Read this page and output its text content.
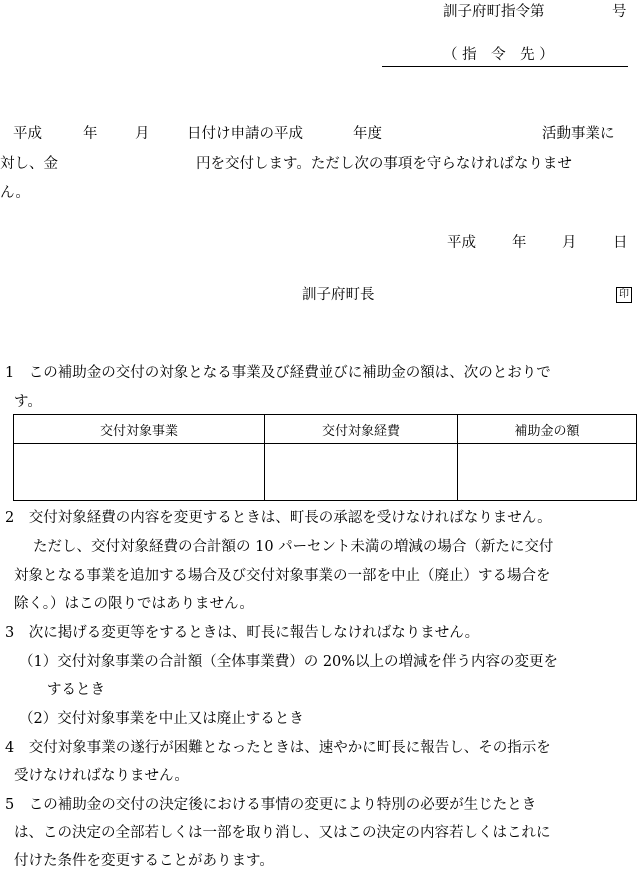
訓子府町指令第	号
（ 指　令　先 ）
平成	年	月	日付け申請の平成	年度	活動事業に
対し、金	円を交付します。ただし次の事項を守らなければなりませ
ん。
平成 年 月	日
訓子府町長	印
1　この補助金の交付の対象となる事業及び経費並びに補助金の額は、次のとおりで
す。
交付対象事業	交付対象経費	補助金の額

2　交付対象経費の内容を変更するときは、町長の承認を受けなければなりません。
ただし、交付対象経費の合計額の 10 パーセント未満の増減の場合（新たに交付
対象となる事業を追加する場合及び交付対象事業の一部を中止（廃止）する場合を
除く。）はこの限りではありません。
3　次に掲げる変更等をするときは、町長に報告しなければなりません。
（1）交付対象事業の合計額（全体事業費）の 20%以上の増減を伴う内容の変更を
するとき
（2）交付対象事業を中止又は廃止するとき
4　交付対象事業の遂行が困難となったときは、速やかに町長に報告し、その指示を
受けなければなりません。
5　この補助金の交付の決定後における事情の変更により特別の必要が生じたとき
は、この決定の全部若しくは一部を取り消し、又はこの決定の内容若しくはこれに
付けた条件を変更することがあります。
